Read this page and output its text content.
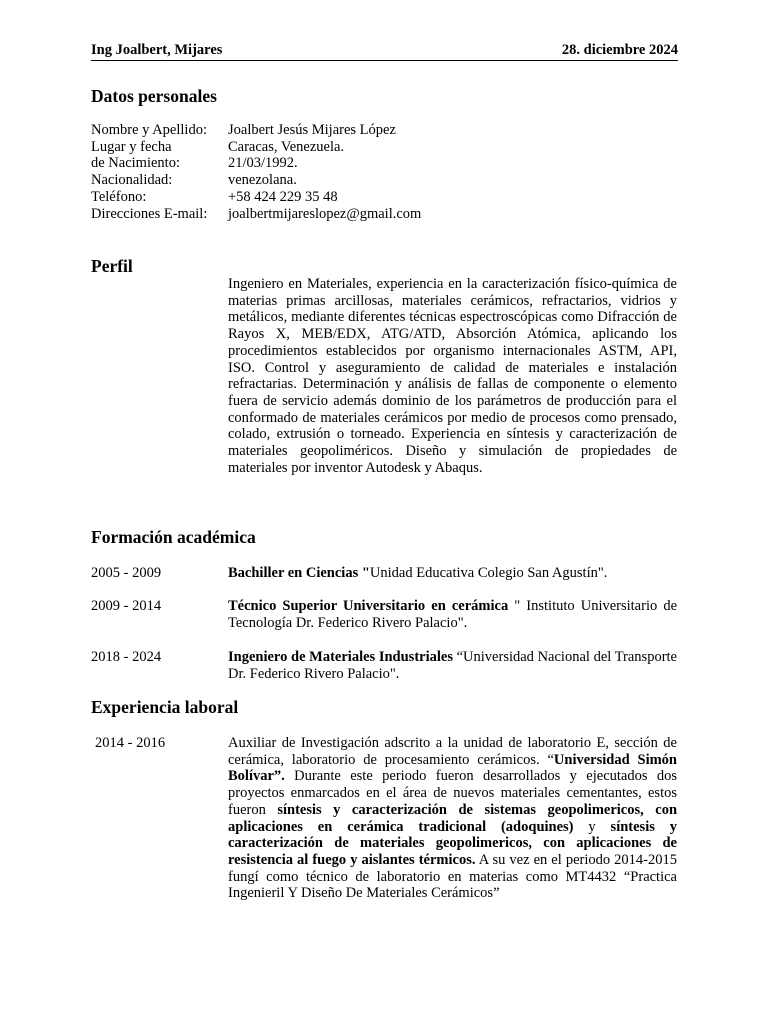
Ing Joalbert, Mijares	28. diciembre 2024
Datos personales
Nombre y Apellido:	Joalbert Jesús Mijares López
Lugar y fecha	Caracas, Venezuela.
de Nacimiento:	21/03/1992.
Nacionalidad:	venezolana.
Teléfono:	+58 424 229 35 48
Direcciones E-mail:	joalbertmijareslopez@gmail.com
Perfil
Ingeniero en Materiales, experiencia en la caracterización físico-química de materias primas arcillosas, materiales cerámicos, refractarios, vidrios y metálicos, mediante diferentes técnicas espectroscópicas como Difracción de Rayos X, MEB/EDX, ATG/ATD, Absorción Atómica, aplicando los procedimientos establecidos por organismo internacionales ASTM, API, ISO. Control y aseguramiento de calidad de materiales e instalación refractarias. Determinación y análisis de fallas de componente o elemento fuera de servicio además dominio de los parámetros de producción para el conformado de materiales cerámicos por medio de procesos como prensado, colado, extrusión o torneado. Experiencia en síntesis y caracterización de materiales geopoliméricos. Diseño y simulación de propiedades de materiales por inventor Autodesk y Abaqus.
Formación académica
2005 - 2009	Bachiller en Ciencias "Unidad Educativa Colegio San Agustín".
2009 - 2014	Técnico Superior Universitario en cerámica " Instituto Universitario de Tecnología Dr. Federico Rivero Palacio".
2018 - 2024	Ingeniero de Materiales Industriales “Universidad Nacional del Transporte Dr. Federico Rivero Palacio".
Experiencia laboral
2014 - 2016	Auxiliar de Investigación adscrito a la unidad de laboratorio E, sección de cerámica, laboratorio de procesamiento cerámicos. “Universidad Simón Bolívar”. Durante este periodo fueron desarrollados y ejecutados dos proyectos enmarcados en el área de nuevos materiales cementantes, estos fueron síntesis y caracterización de sistemas geopolimericos, con aplicaciones en cerámica tradicional (adoquines) y síntesis y caracterización de materiales geopolimericos, con aplicaciones de resistencia al fuego y aislantes térmicos. A su vez en el periodo 2014-2015 fungí como técnico de laboratorio en materias como MT4432 “Practica Ingenieril Y Diseño De Materiales Cerámicos”
